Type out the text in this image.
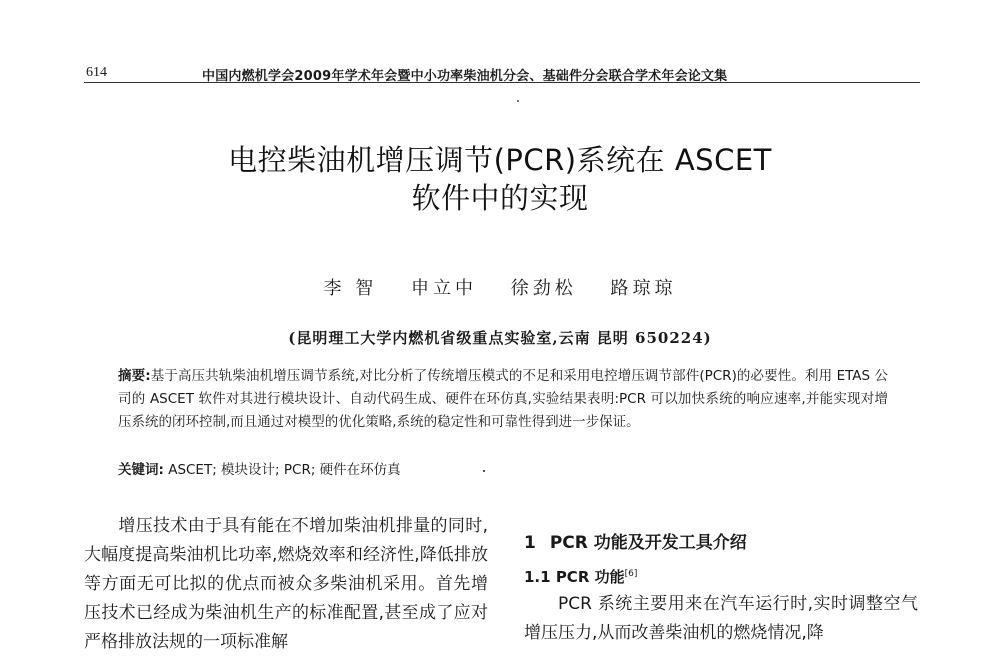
614	中国内燃机学会2009年学术年会暨中小功率柴油机分会、基础件分会联合学术年会论文集
电控柴油机增压调节(PCR)系统在 ASCET
软件中的实现
李 智 申立中 徐劲松 路琼琼
(昆明理工大学内燃机省级重点实验室,云南 昆明 650224)
摘要:基于高压共轨柴油机增压调节系统,对比分析了传统增压模式的不足和采用电控增压调节部件(PCR)的必要性。利用 ETAS 公司的 ASCET 软件对其进行模块设计、自动代码生成、硬件在环仿真,实验结果表明:PCR 可以加快系统的响应速率,并能实现对增压系统的闭环控制,而且通过对模型的优化策略,系统的稳定性和可靠性得到进一步保证。
关键词: ASCET; 模块设计; PCR; 硬件在环仿真
增压技术由于具有能在不增加柴油机排量的同时,大幅度提高柴油机比功率,燃烧效率和经济性,降低排放等方面无可比拟的优点而被众多柴油机采用。首先增压技术已经成为柴油机生产的标准配置,甚至成了应对严格排放法规的一项标准解
1 PCR 功能及开发工具介绍
1.1 PCR 功能[6]
PCR 系统主要用来在汽车运行时,实时调整空气增压压力,从而改善柴油机的燃烧情况,降
